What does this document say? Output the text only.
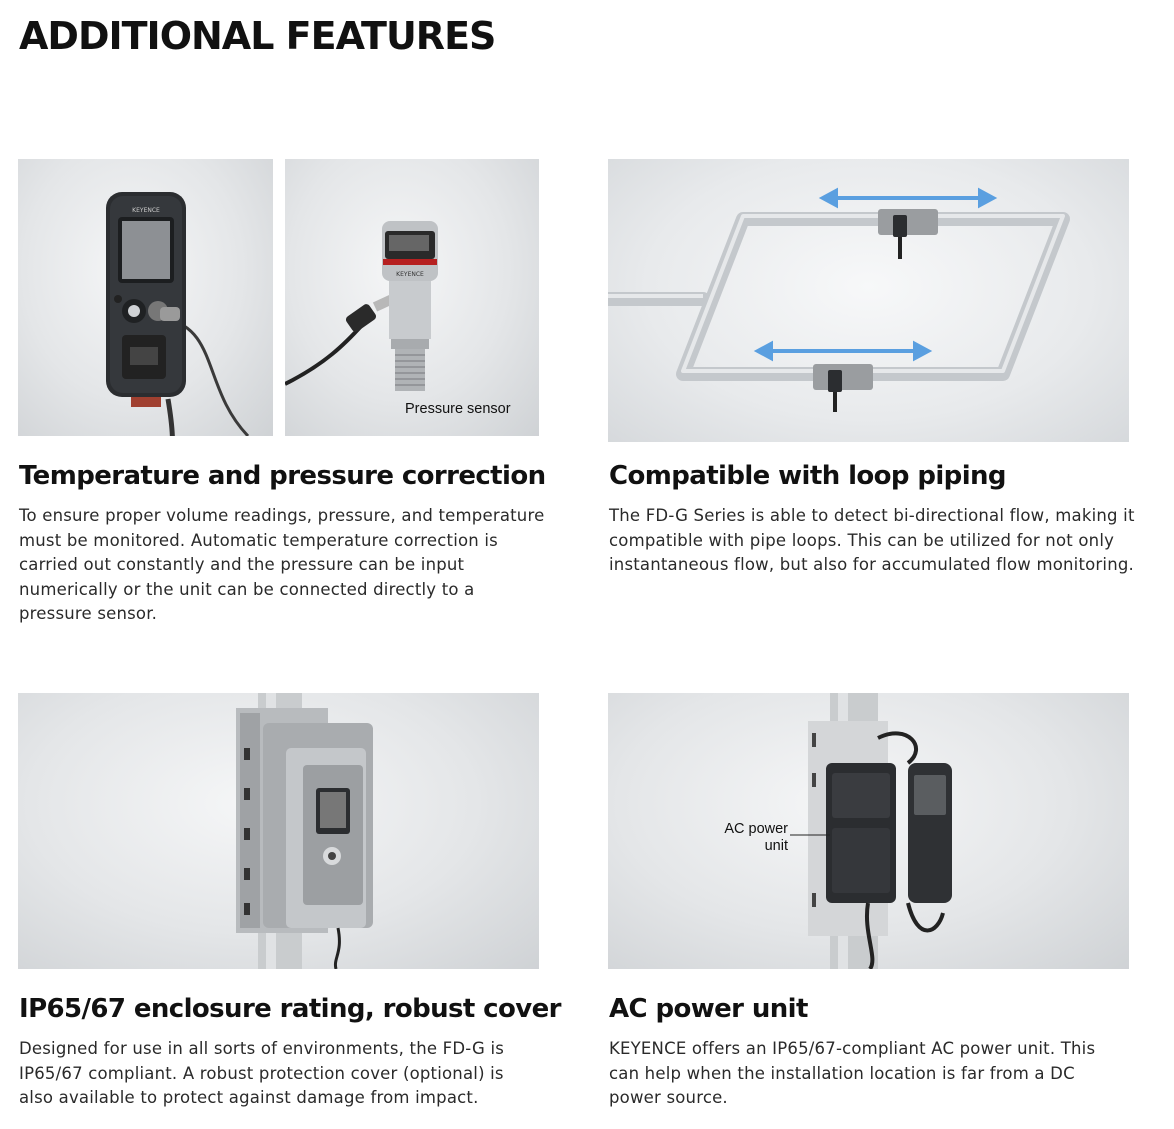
ADDITIONAL FEATURES
KEYENCE
KEYENCE
Pressure sensor
AC power unit
Temperature and pressure correction
To ensure proper volume readings, pressure, and temperature must be monitored. Automatic temperature correction is carried out constantly and the pressure can be input numerically or the unit can be connected directly to a pressure sensor.
Compatible with loop piping
The FD-G Series is able to detect bi-directional flow, making it compatible with pipe loops. This can be utilized for not only instantaneous flow, but also for accumulated flow monitoring.
IP65/67 enclosure rating, robust cover
Designed for use in all sorts of environments, the FD-G is IP65/67 compliant. A robust protection cover (optional) is also available to protect against damage from impact.
AC power unit
KEYENCE offers an IP65/67-compliant AC power unit. This can help when the installation location is far from a DC power source.
